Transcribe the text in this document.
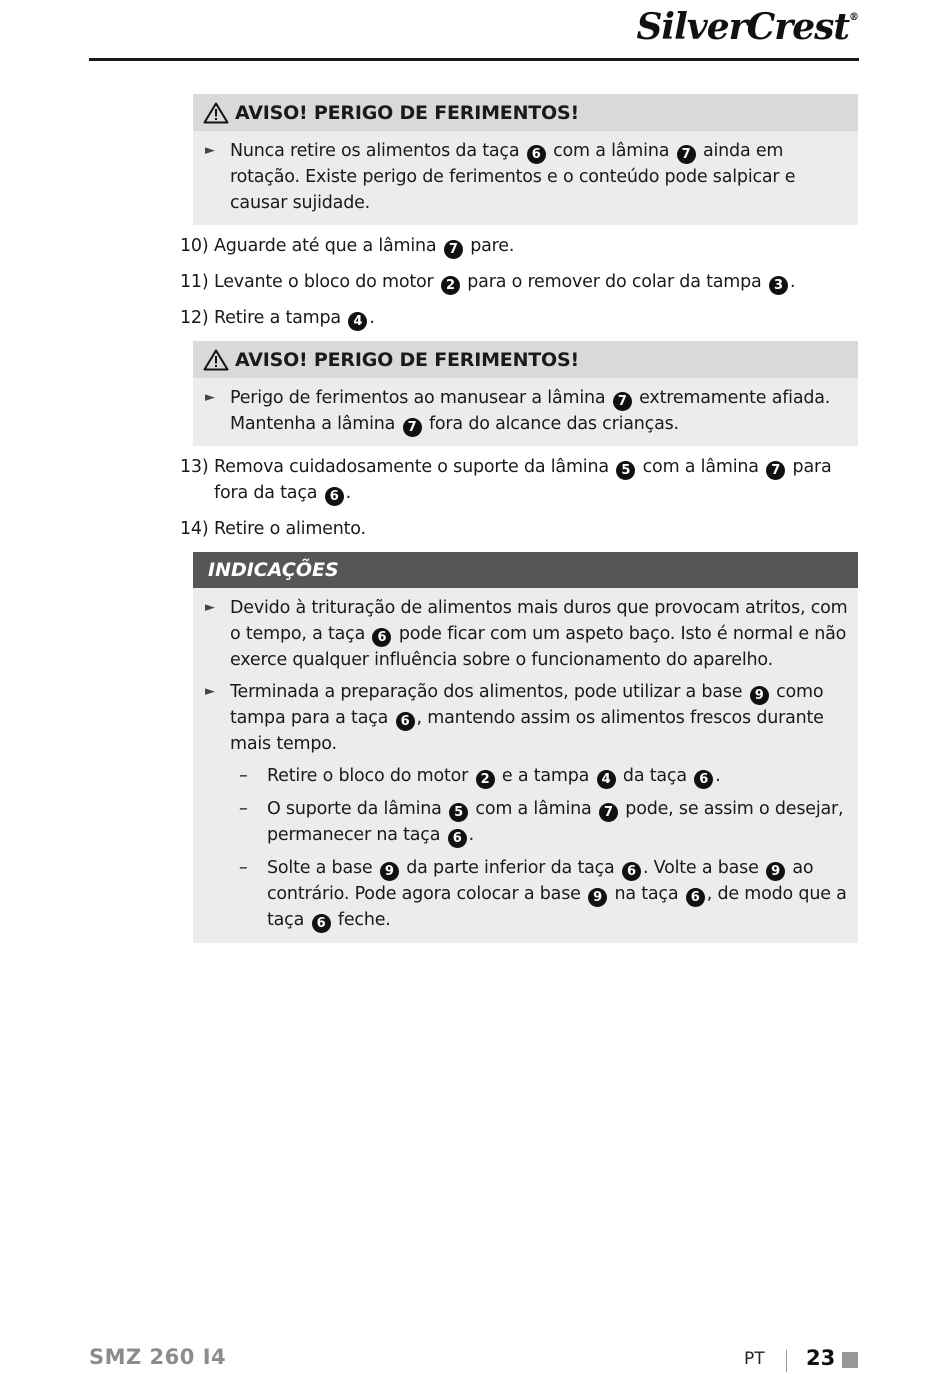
SilverCrest®
AVISO! PERIGO DE FERIMENTOS!
► Nunca retire os alimentos da taça 6 com a lâmina 7 ainda em rotação. Existe perigo de ferimentos e o conteúdo pode salpicar e causar sujidade.
10) Aguarde até que a lâmina 7 pare.
11) Levante o bloco do motor 2 para o remover do colar da tampa 3 .
12) Retire a tampa 4 .
AVISO! PERIGO DE FERIMENTOS!
► Perigo de ferimentos ao manusear a lâmina 7 extremamente afiada. Mantenha a lâmina 7 fora do alcance das crianças.
13) Remova cuidadosamente o suporte da lâmina 5 com a lâmina 7 para fora da taça 6 .
14) Retire o alimento.
INDICAÇÕES
► Devido à trituração de alimentos mais duros que provocam atritos, com o tempo, a taça 6 pode ficar com um aspeto baço. Isto é normal e não exerce qualquer influência sobre o funcionamento do aparelho.
► Terminada a preparação dos alimentos, pode utilizar a base 9 como tampa para a taça 6 , mantendo assim os alimentos frescos durante mais tempo.
– Retire o bloco do motor 2 e a tampa 4 da taça 6 .
– O suporte da lâmina 5 com a lâmina 7 pode, se assim o desejar, permanecer na taça 6 .
– Solte a base 9 da parte inferior da taça 6 . Volte a base 9 ao contrário. Pode agora colocar a base 9 na taça 6 , de modo que a taça 6 feche.
SMZ 260 I4	PT 23
